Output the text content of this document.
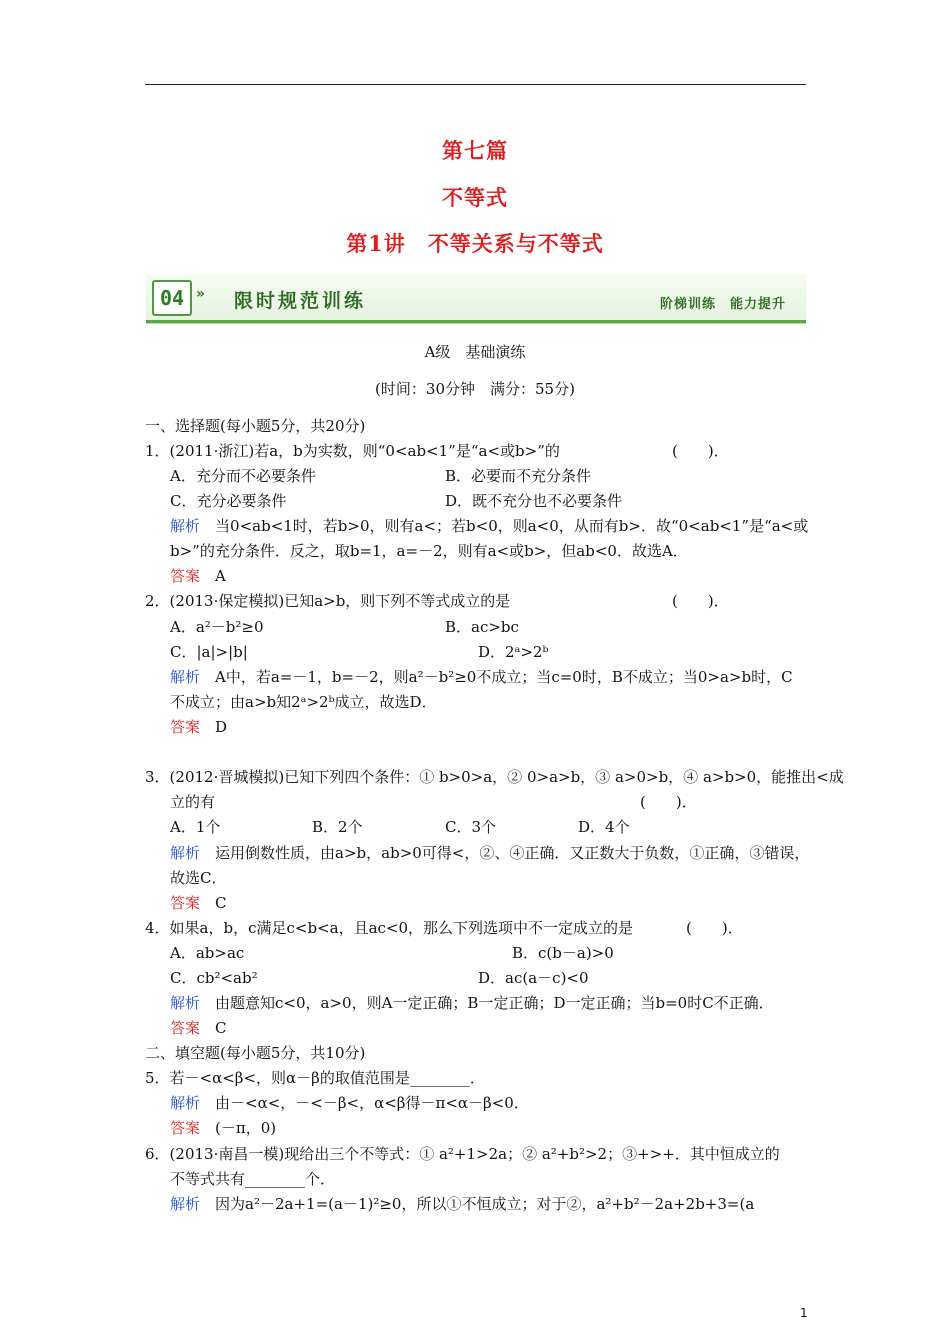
第七篇
不等式
第1讲　不等关系与不等式
04 » 限时规范训练	阶梯训练　能力提升
A级　基础演练
(时间：30分钟　满分：55分)
一、选择题(每小题5分，共20分)
1．(2011·浙江)若a，b为实数，则“0<ab<1”是“a<或b>”的	(　　)．
A．充分而不必要条件	B．必要而不充分条件
C．充分必要条件	D．既不充分也不必要条件
解析　 当0<ab<1时，若b>0，则有a<；若b<0，则a<0，从而有b>．故“0<ab<1”是“a<或
b>”的充分条件．反之，取b=1，a=－2，则有a<或b>，但ab<0．故选A．
答案　 A
2．(2013·保定模拟)已知a>b，则下列不等式成立的是	(　　)．
A．a²－b²≥0	B．ac>bc
C．|a|>|b|	D．2ᵃ>2ᵇ
解析　 A中，若a=－1，b=－2，则a²－b²≥0不成立；当c=0时，B不成立；当0>a>b时，C
不成立；由a>b知2ᵃ>2ᵇ成立，故选D．
答案　 D
3．(2012·晋城模拟)已知下列四个条件：① b>0>a，② 0>a>b，③ a>0>b，④ a>b>0，能推出<成
立的有	(　　)．
A．1个	B．2个	C．3个	D．4个
解析　 运用倒数性质，由a>b，ab>0可得<，②、④正确．又正数大于负数，①正确，③错误，
故选C．
答案　 C
4．如果a，b，c满足c<b<a，且ac<0，那么下列选项中不一定成立的是	(　　)．
A．ab>ac	B．c(b－a)>0
C．cb²<ab²	D．ac(a－c)<0
解析　 由题意知c<0，a>0，则A一定正确；B一定正确；D一定正确；当b=0时C不正确．
答案　 C
二、填空题(每小题5分，共10分)
5．若－<α<β<，则α－β的取值范围是________．
解析　 由－<α<，－<－β<，α<β得－π<α－β<0．
答案　 (－π，0)
6．(2013·南昌一模)现给出三个不等式：① a²+1>2a；② a²+b²>2；③+>+．其中恒成立的
不等式共有________个．
解析　 因为a²－2a+1=(a－1)²≥0，所以①不恒成立；对于②，a²+b²－2a+2b+3=(a
1
